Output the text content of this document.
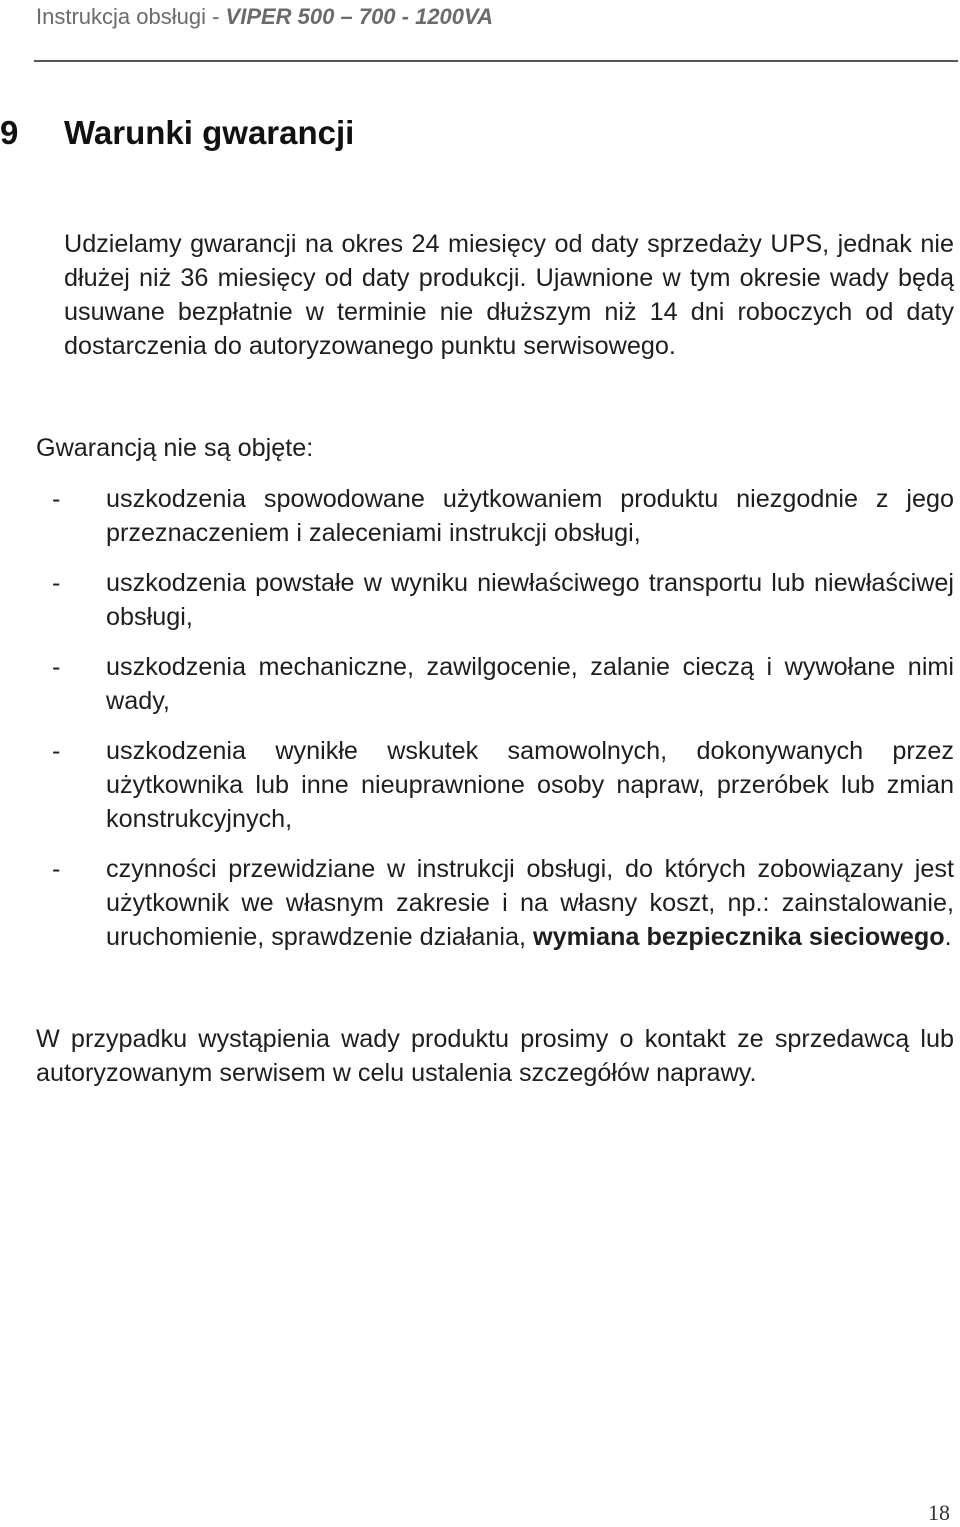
Instrukcja obsługi - VIPER 500 – 700 - 1200VA
9 Warunki gwarancji

Udzielamy gwarancji na okres 24 miesięcy od daty sprzedaży UPS, jednak nie dłużej niż 36 miesięcy od daty produkcji. Ujawnione w tym okresie wady będą usuwane bezpłatnie w terminie nie dłuższym niż 14 dni roboczych od daty dostarczenia do autoryzowanego punktu serwisowego.

Gwarancją nie są objęte:

- uszkodzenia spowodowane użytkowaniem produktu niezgodnie z jego przeznaczeniem i zaleceniami instrukcji obsługi,
- uszkodzenia powstałe w wyniku niewłaściwego transportu lub niewłaściwej obsługi,
- uszkodzenia mechaniczne, zawilgocenie, zalanie cieczą i wywołane nimi wady,
- uszkodzenia wynikłe wskutek samowolnych, dokonywanych przez użytkownika lub inne nieuprawnione osoby napraw, przeróbek lub zmian konstrukcyjnych,
- czynności przewidziane w instrukcji obsługi, do których zobowiązany jest użytkownik we własnym zakresie i na własny koszt, np.: zainstalowanie, uruchomienie, sprawdzenie działania, wymiana bezpiecznika sieciowego.

W przypadku wystąpienia wady produktu prosimy o kontakt ze sprzedawcą lub autoryzowanym serwisem w celu ustalenia szczegółów naprawy.

18
